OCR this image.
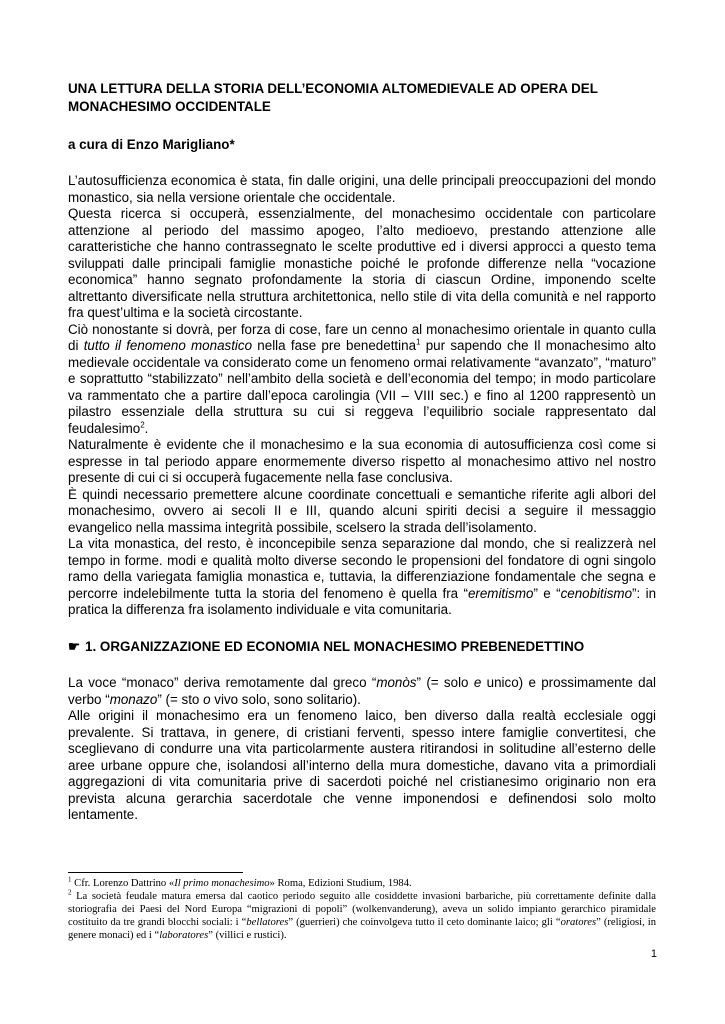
UNA LETTURA DELLA STORIA DELL’ECONOMIA ALTOMEDIEVALE AD OPERA DEL MONACHESIMO OCCIDENTALE

a cura di Enzo Marigliano*

L’autosufficienza economica è stata, fin dalle origini, una delle principali preoccupazioni del mondo monastico, sia nella versione orientale che occidentale.

Questa ricerca si occuperà, essenzialmente, del monachesimo occidentale con particolare attenzione al periodo del massimo apogeo, l’alto medioevo, prestando attenzione alle caratteristiche che hanno contrassegnato le scelte produttive ed i diversi approcci a questo tema sviluppati dalle principali famiglie monastiche poiché le profonde differenze nella “vocazione economica” hanno segnato profondamente la storia di ciascun Ordine, imponendo scelte altrettanto diversificate nella struttura architettonica, nello stile di vita della comunità e nel rapporto fra quest’ultima e la società circostante.

Ciò nonostante si dovrà, per forza di cose, fare un cenno al monachesimo orientale in quanto culla di tutto il fenomeno monastico nella fase pre benedettina$^1$ pur sapendo che Il monachesimo alto medievale occidentale va considerato come un fenomeno ormai relativamente “avanzato”, “maturo” e soprattutto “stabilizzato” nell’ambito della società e dell’economia del tempo; in modo particolare va rammentato che a partire dall’epoca carolingia (VII – VIII sec.) e fino al 1200 rappresentò un pilastro essenziale della struttura su cui si reggeva l’equilibrio sociale rappresentato dal feudalesimo$^2$.

Naturalmente è evidente che il monachesimo e la sua economia di autosufficienza così come si espresse in tal periodo appare enormemente diverso rispetto al monachesimo attivo nel nostro presente di cui ci si occuperà fugacemente nella fase conclusiva.

È quindi necessario premettere alcune coordinate concettuali e semantiche riferite agli albori del monachesimo, ovvero ai secoli II e III, quando alcuni spiriti decisi a seguire il messaggio evangelico nella massima integrità possibile, scelsero la strada dell’isolamento.

La vita monastica, del resto, è inconcepibile senza separazione dal mondo, che si realizzerà nel tempo in forme. modi e qualità molto diverse secondo le propensioni del fondatore di ogni singolo ramo della variegata famiglia monastica e, tuttavia, la differenziazione fondamentale che segna e percorre indelebilmente tutta la storia del fenomeno è quella fra “eremitismo” e “cenobitismo”: in pratica la differenza fra isolamento individuale e vita comunitaria.

☛ 1. ORGANIZZAZIONE ED ECONOMIA NEL MONACHESIMO PREBENEDETTINO

La voce “monaco” deriva remotamente dal greco “monòs” (= solo e unico) e prossimamente dal verbo “monazo” (= sto o vivo solo, sono solitario).

Alle origini il monachesimo era un fenomeno laico, ben diverso dalla realtà ecclesiale oggi prevalente. Si trattava, in genere, di cristiani ferventi, spesso intere famiglie convertitesi, che sceglievano di condurre una vita particolarmente austera ritirandosi in solitudine all’esterno delle aree urbane oppure che, isolandosi all’interno della mura domestiche, davano vita a primordiali aggregazioni di vita comunitaria prive di sacerdoti poiché nel cristianesimo originario non era prevista alcuna gerarchia sacerdotale che venne imponendosi e definendosi solo molto lentamente.

$^1$ Cfr. Lorenzo Dattrino «Il primo monachesimo» Roma, Edizioni Studium, 1984.

$^2$ La società feudale matura emersa dal caotico periodo seguito alle cosiddette invasioni barbariche, più correttamente definite dalla storiografia dei Paesi del Nord Europa “migrazioni di popoli” (wolkenvanderung), aveva un solido impianto gerarchico piramidale costituito da tre grandi blocchi sociali: i “bellatores” (guerrieri) che coinvolgeva tutto il ceto dominante laico; gli “oratores” (religiosi, in genere monaci) ed i “laboratores” (villici e rustici).

1
